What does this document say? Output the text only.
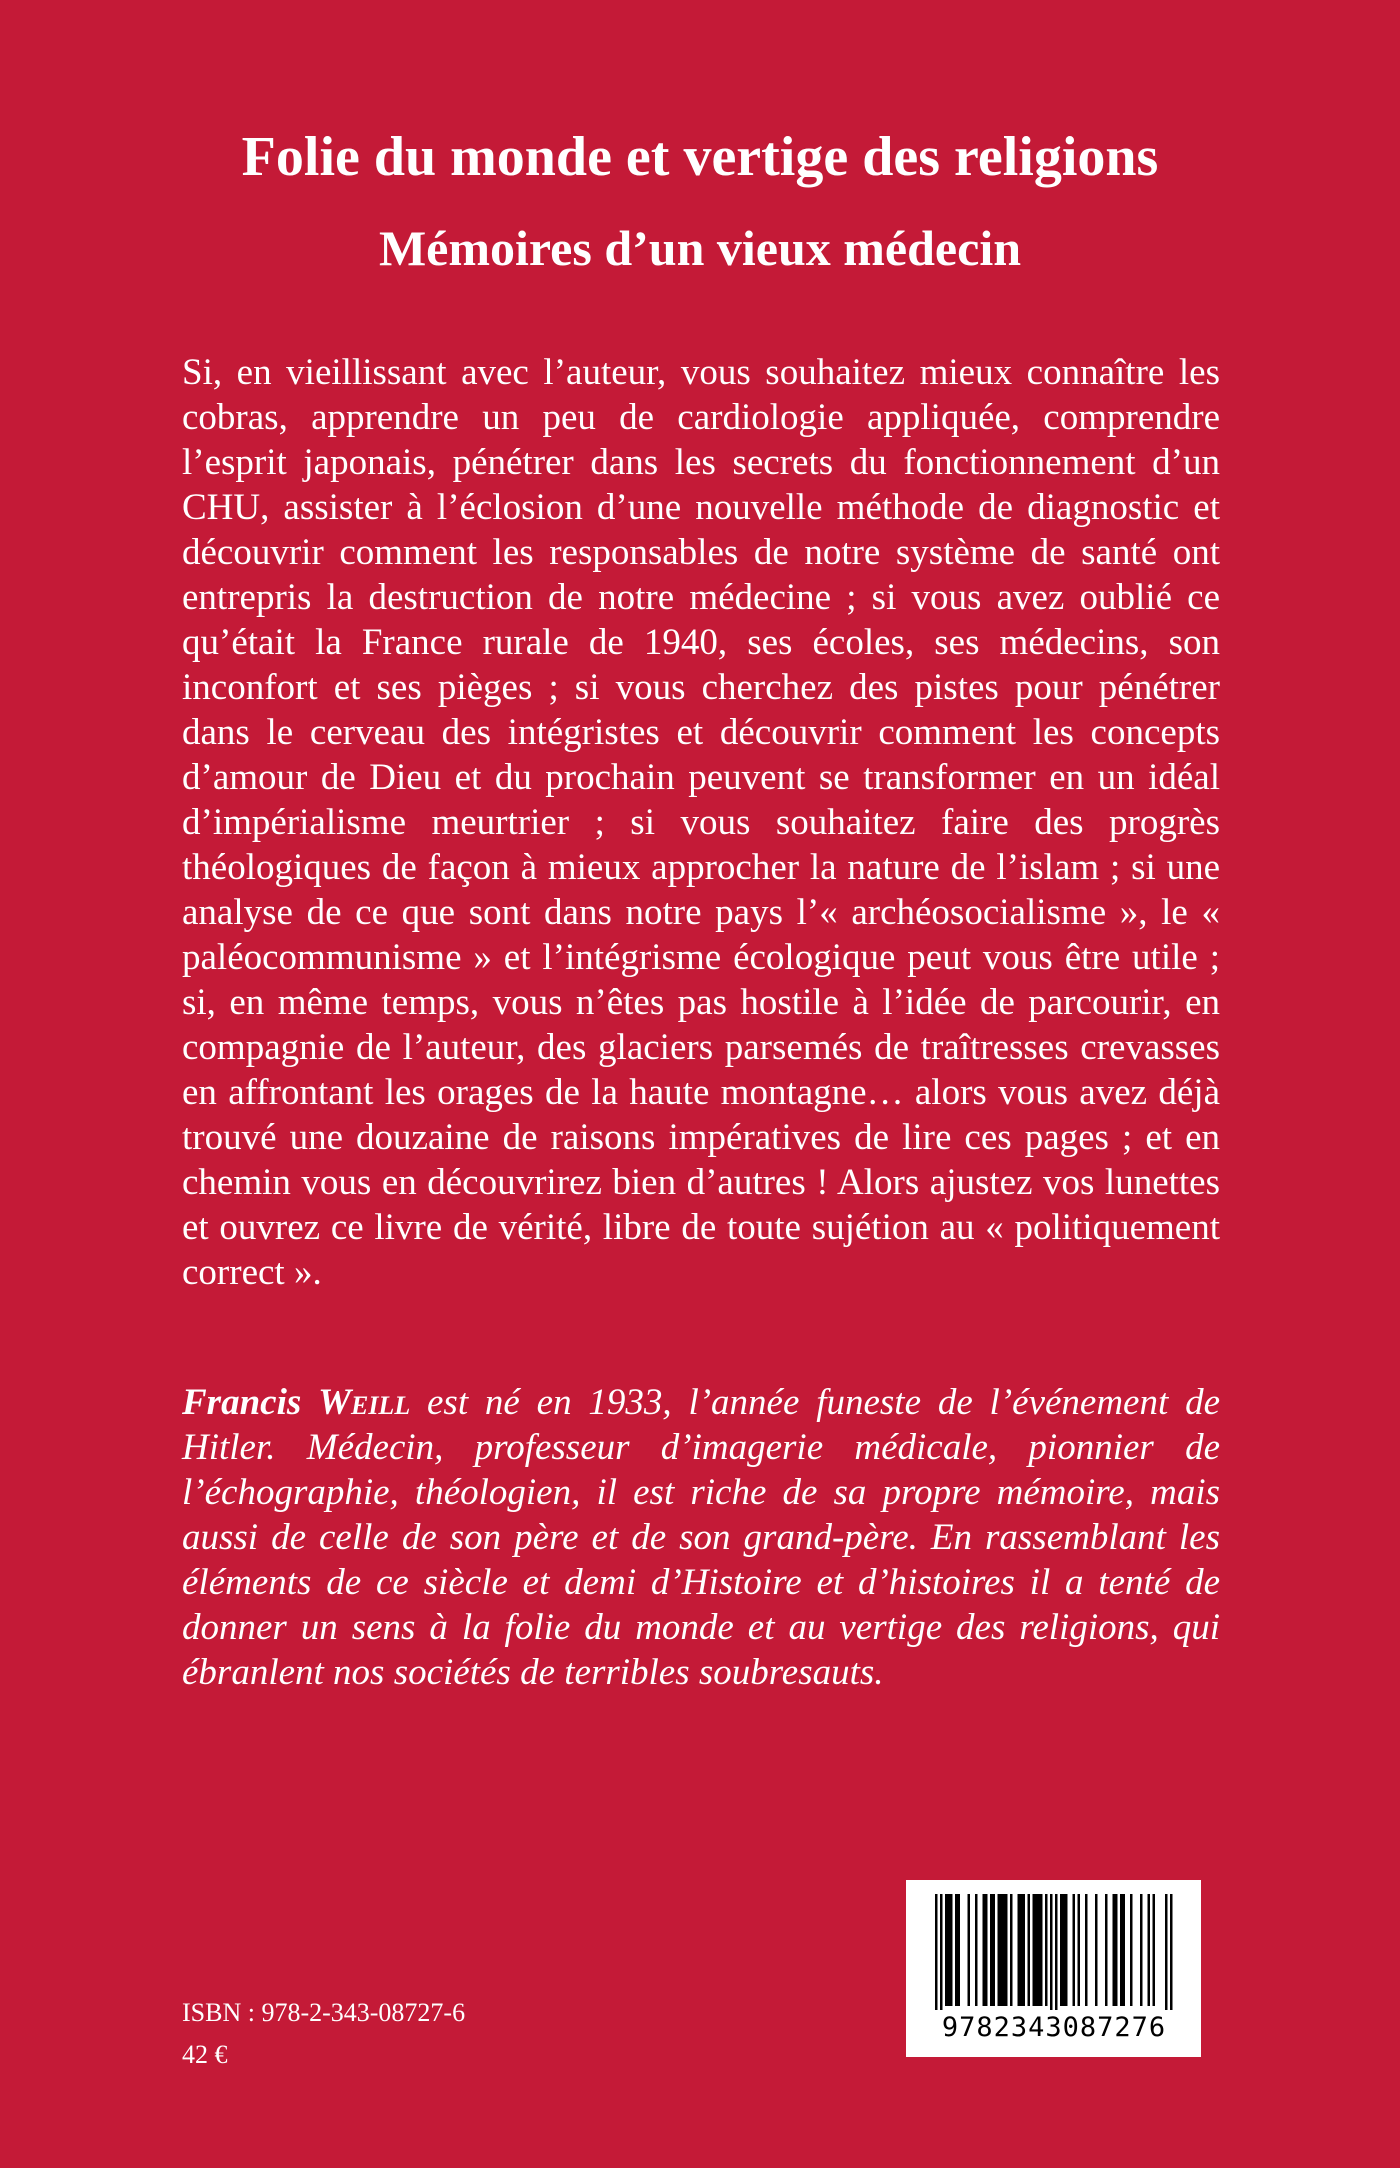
Folie du monde et vertige des religions
Mémoires d’un vieux médecin

Si, en vieillissant avec l’auteur, vous souhaitez mieux connaître les cobras, apprendre un peu de cardiologie appliquée, comprendre l’esprit japonais, pénétrer dans les secrets du fonctionnement d’un CHU, assister à l’éclosion d’une nouvelle méthode de diagnostic et découvrir comment les responsables de notre système de santé ont entrepris la destruction de notre médecine ; si vous avez oublié ce qu’était la France rurale de 1940, ses écoles, ses médecins, son inconfort et ses pièges ; si vous cherchez des pistes pour pénétrer dans le cerveau des intégristes et découvrir comment les concepts d’amour de Dieu et du prochain peuvent se transformer en un idéal d’impérialisme meurtrier ; si vous souhaitez faire des progrès théologiques de façon à mieux approcher la nature de l’islam ; si une analyse de ce que sont dans notre pays l’« archéosocialisme », le « paléocommunisme » et l’intégrisme écologique peut vous être utile ; si, en même temps, vous n’êtes pas hostile à l’idée de parcourir, en compagnie de l’auteur, des glaciers parsemés de traîtresses crevasses en affrontant les orages de la haute montagne… alors vous avez déjà trouvé une douzaine de raisons impératives de lire ces pages ; et en chemin vous en découvrirez bien d’autres ! Alors ajustez vos lunettes et ouvrez ce livre de vérité, libre de toute sujétion au « politiquement correct ».

Francis Weill est né en 1933, l’année funeste de l’événement de Hitler. Médecin, professeur d’imagerie médicale, pionnier de l’échographie, théologien, il est riche de sa propre mémoire, mais aussi de celle de son père et de son grand-père. En rassemblant les éléments de ce siècle et demi d’Histoire et d’histoires il a tenté de donner un sens à la folie du monde et au vertige des religions, qui ébranlent nos sociétés de terribles soubresauts.

ISBN : 978-2-343-08727-6
42 €
9782343087276
